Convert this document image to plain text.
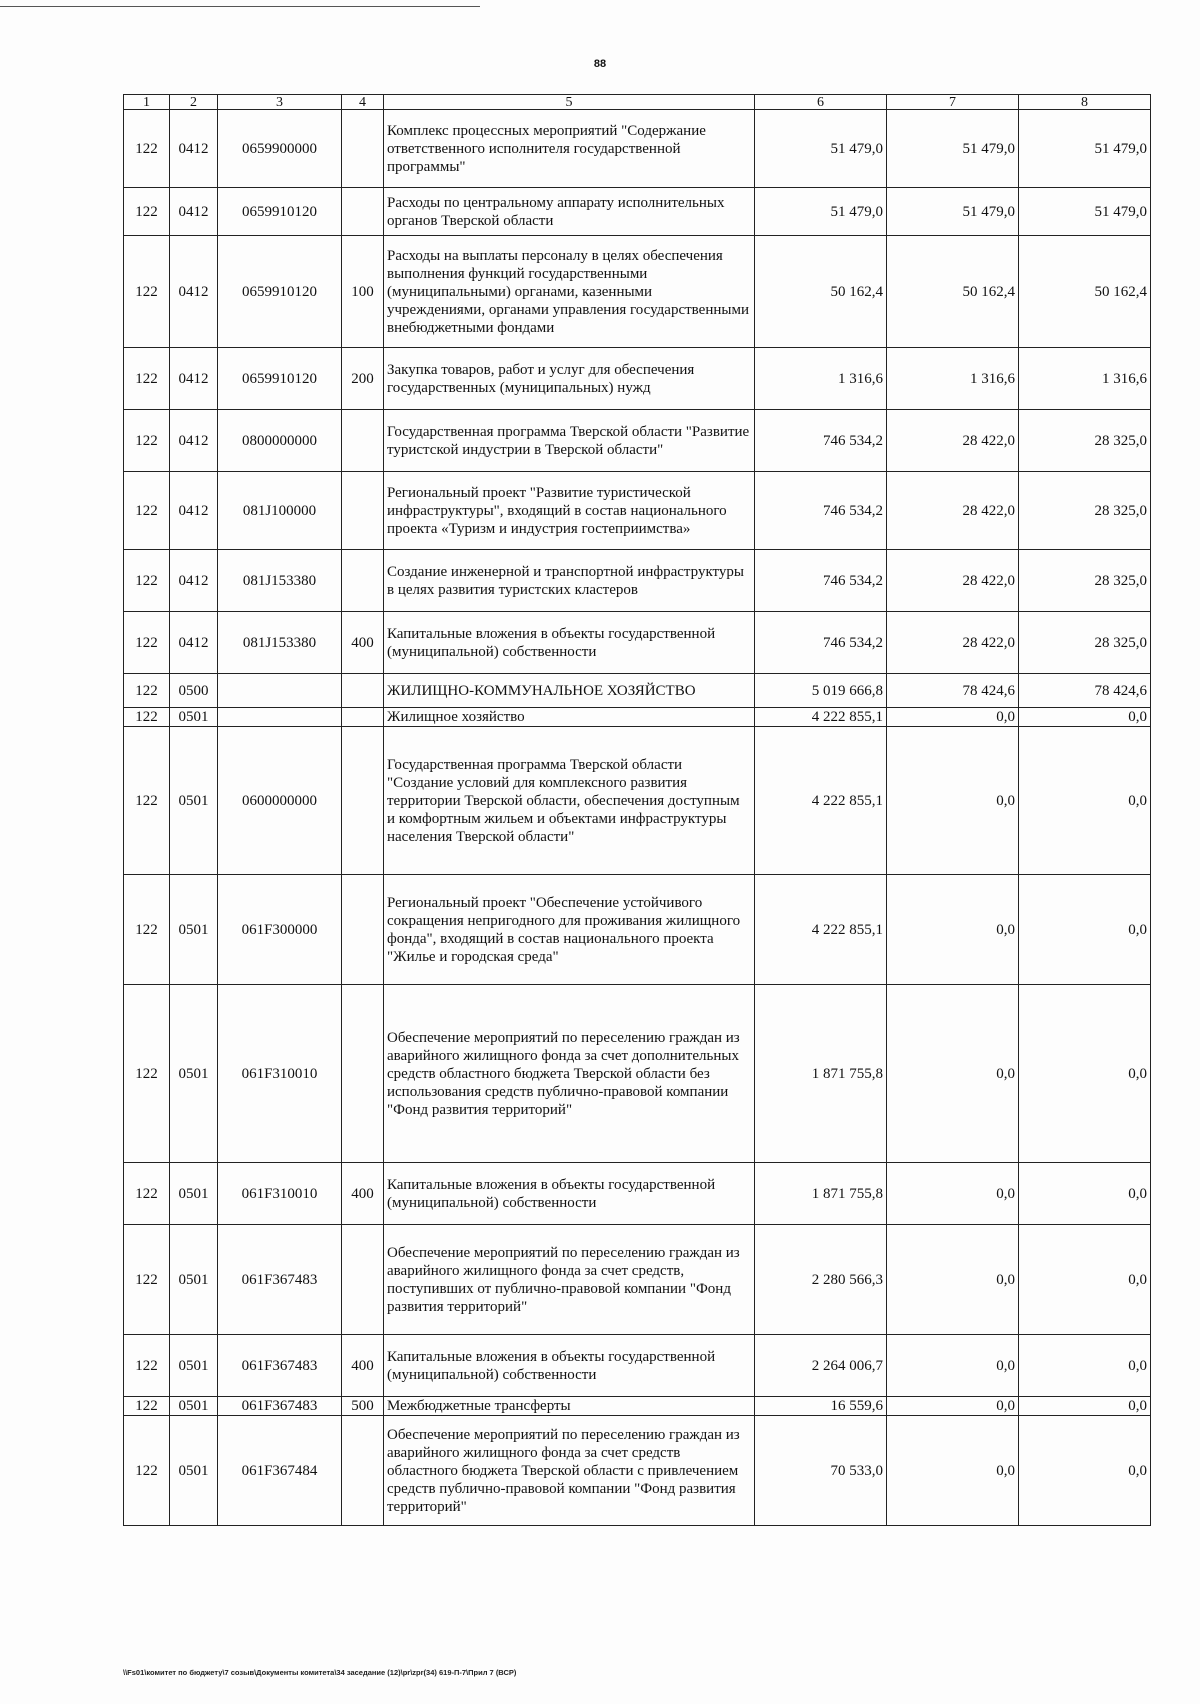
88
1	2	3	4	5	6	7	8
122	0412	0659900000		Комплекс процессных мероприятий "Содержание ответственного исполнителя государственной программы"	51 479,0	51 479,0	51 479,0
122	0412	0659910120		Расходы по центральному аппарату исполнительных органов Тверской области	51 479,0	51 479,0	51 479,0
122	0412	0659910120	100	Расходы на выплаты персоналу в целях обеспечения выполнения функций государственными (муниципальными) органами, казенными учреждениями, органами управления государственными внебюджетными фондами	50 162,4	50 162,4	50 162,4
122	0412	0659910120	200	Закупка товаров, работ и услуг для обеспечения государственных (муниципальных) нужд	1 316,6	1 316,6	1 316,6
122	0412	0800000000		Государственная программа Тверской области "Развитие туристской индустрии в Тверской области"	746 534,2	28 422,0	28 325,0
122	0412	081J100000		Региональный проект "Развитие туристической инфраструктуры", входящий в состав национального проекта «Туризм и индустрия гостеприимства»	746 534,2	28 422,0	28 325,0
122	0412	081J153380		Создание инженерной и транспортной инфраструктуры в целях развития туристских кластеров	746 534,2	28 422,0	28 325,0
122	0412	081J153380	400	Капитальные вложения в объекты государственной (муниципальной) собственности	746 534,2	28 422,0	28 325,0
122	0500			ЖИЛИЩНО-КОММУНАЛЬНОЕ ХОЗЯЙСТВО	5 019 666,8	78 424,6	78 424,6
122	0501			Жилищное хозяйство	4 222 855,1	0,0	0,0
122	0501	0600000000		Государственная программа Тверской области "Создание условий для комплексного развития территории Тверской области, обеспечения доступным и комфортным жильем и объектами инфраструктуры населения Тверской области"	4 222 855,1	0,0	0,0
122	0501	061F300000		Региональный проект "Обеспечение устойчивого сокращения непригодного для проживания жилищного фонда", входящий в состав национального проекта "Жилье и городская среда"	4 222 855,1	0,0	0,0
122	0501	061F310010		Обеспечение мероприятий по переселению граждан из аварийного жилищного фонда за счет дополнительных средств областного бюджета Тверской области без использования средств публично-правовой компании "Фонд развития территорий"	1 871 755,8	0,0	0,0
122	0501	061F310010	400	Капитальные вложения в объекты государственной (муниципальной) собственности	1 871 755,8	0,0	0,0
122	0501	061F367483		Обеспечение мероприятий по переселению граждан из аварийного жилищного фонда за счет средств, поступивших от публично-правовой компании "Фонд развития территорий"	2 280 566,3	0,0	0,0
122	0501	061F367483	400	Капитальные вложения в объекты государственной (муниципальной) собственности	2 264 006,7	0,0	0,0
122	0501	061F367483	500	Межбюджетные трансферты	16 559,6	0,0	0,0
122	0501	061F367484		Обеспечение мероприятий по переселению граждан из аварийного жилищного фонда за счет средств областного бюджета Тверской области с привлечением средств публично-правовой компании "Фонд развития территорий"	70 533,0	0,0	0,0
\\Fs01\комитет по бюджету\7 созыв\Документы комитета\34 заседание (12)\pr\zpr(34) 619-П-7\Прил 7 (ВСР)
